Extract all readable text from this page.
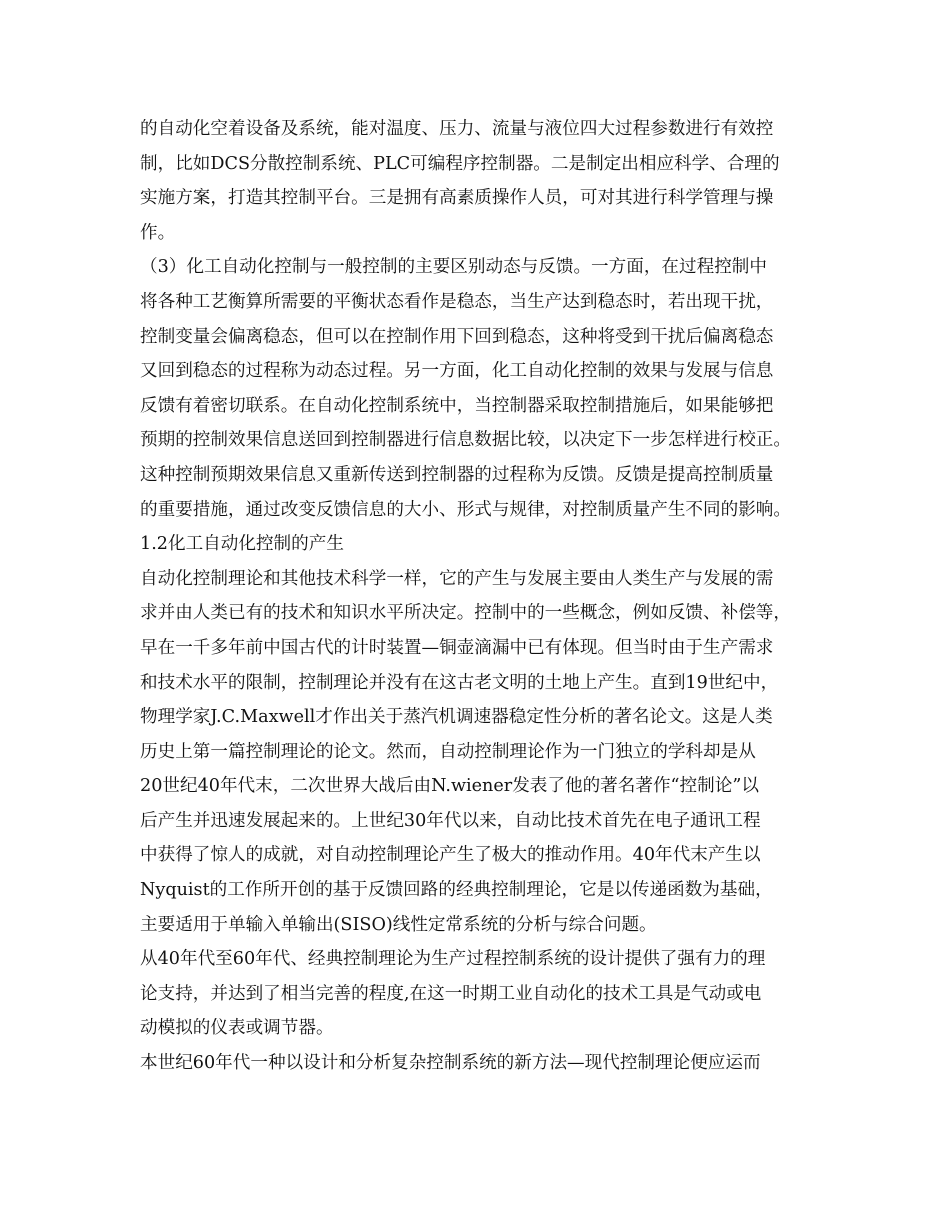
的自动化空着设备及系统，能对温度、压力、流量与液位四大过程参数进行有效控
制，比如DCS分散控制系统、PLC可编程序控制器。二是制定出相应科学、合理的
实施方案，打造其控制平台。三是拥有高素质操作人员，可对其进行科学管理与操
作。
（3）化工自动化控制与一般控制的主要区别动态与反馈。一方面，在过程控制中
将各种工艺衡算所需要的平衡状态看作是稳态，当生产达到稳态时，若出现干扰，
控制变量会偏离稳态，但可以在控制作用下回到稳态，这种将受到干扰后偏离稳态
又回到稳态的过程称为动态过程。另一方面，化工自动化控制的效果与发展与信息
反馈有着密切联系。在自动化控制系统中，当控制器采取控制措施后，如果能够把
预期的控制效果信息送回到控制器进行信息数据比较，以决定下一步怎样进行校正。
这种控制预期效果信息又重新传送到控制器的过程称为反馈。反馈是提高控制质量
的重要措施，通过改变反馈信息的大小、形式与规律，对控制质量产生不同的影响。
1.2化工自动化控制的产生
自动化控制理论和其他技术科学一样，它的产生与发展主要由人类生产与发展的需
求并由人类已有的技术和知识水平所决定。控制中的一些概念，例如反馈、补偿等，
早在一千多年前中国古代的计时装置—铜壶滴漏中已有体现。但当时由于生产需求
和技术水平的限制，控制理论并没有在这古老文明的土地上产生。直到19世纪中，
物理学家J.C.Maxwell才作出关于蒸汽机调速器稳定性分析的著名论文。这是人类
历史上第一篇控制理论的论文。然而，自动控制理论作为一门独立的学科却是从
20世纪40年代末，二次世界大战后由N.wiener发表了他的著名著作“控制论”以
后产生并迅速发展起来的。上世纪30年代以来，自动比技术首先在电子通讯工程
中获得了惊人的成就，对自动控制理论产生了极大的推动作用。40年代末产生以
Nyquist的工作所开创的基于反馈回路的经典控制理论，它是以传递函数为基础，
主要适用于单输入单输出(SISO)线性定常系统的分析与综合问题。
从40年代至60年代、经典控制理论为生产过程控制系统的设计提供了强有力的理
论支持，并达到了相当完善的程度,在这一时期工业自动化的技术工具是气动或电
动模拟的仪表或调节器。
本世纪60年代一种以设计和分析复杂控制系统的新方法—现代控制理论便应运而
